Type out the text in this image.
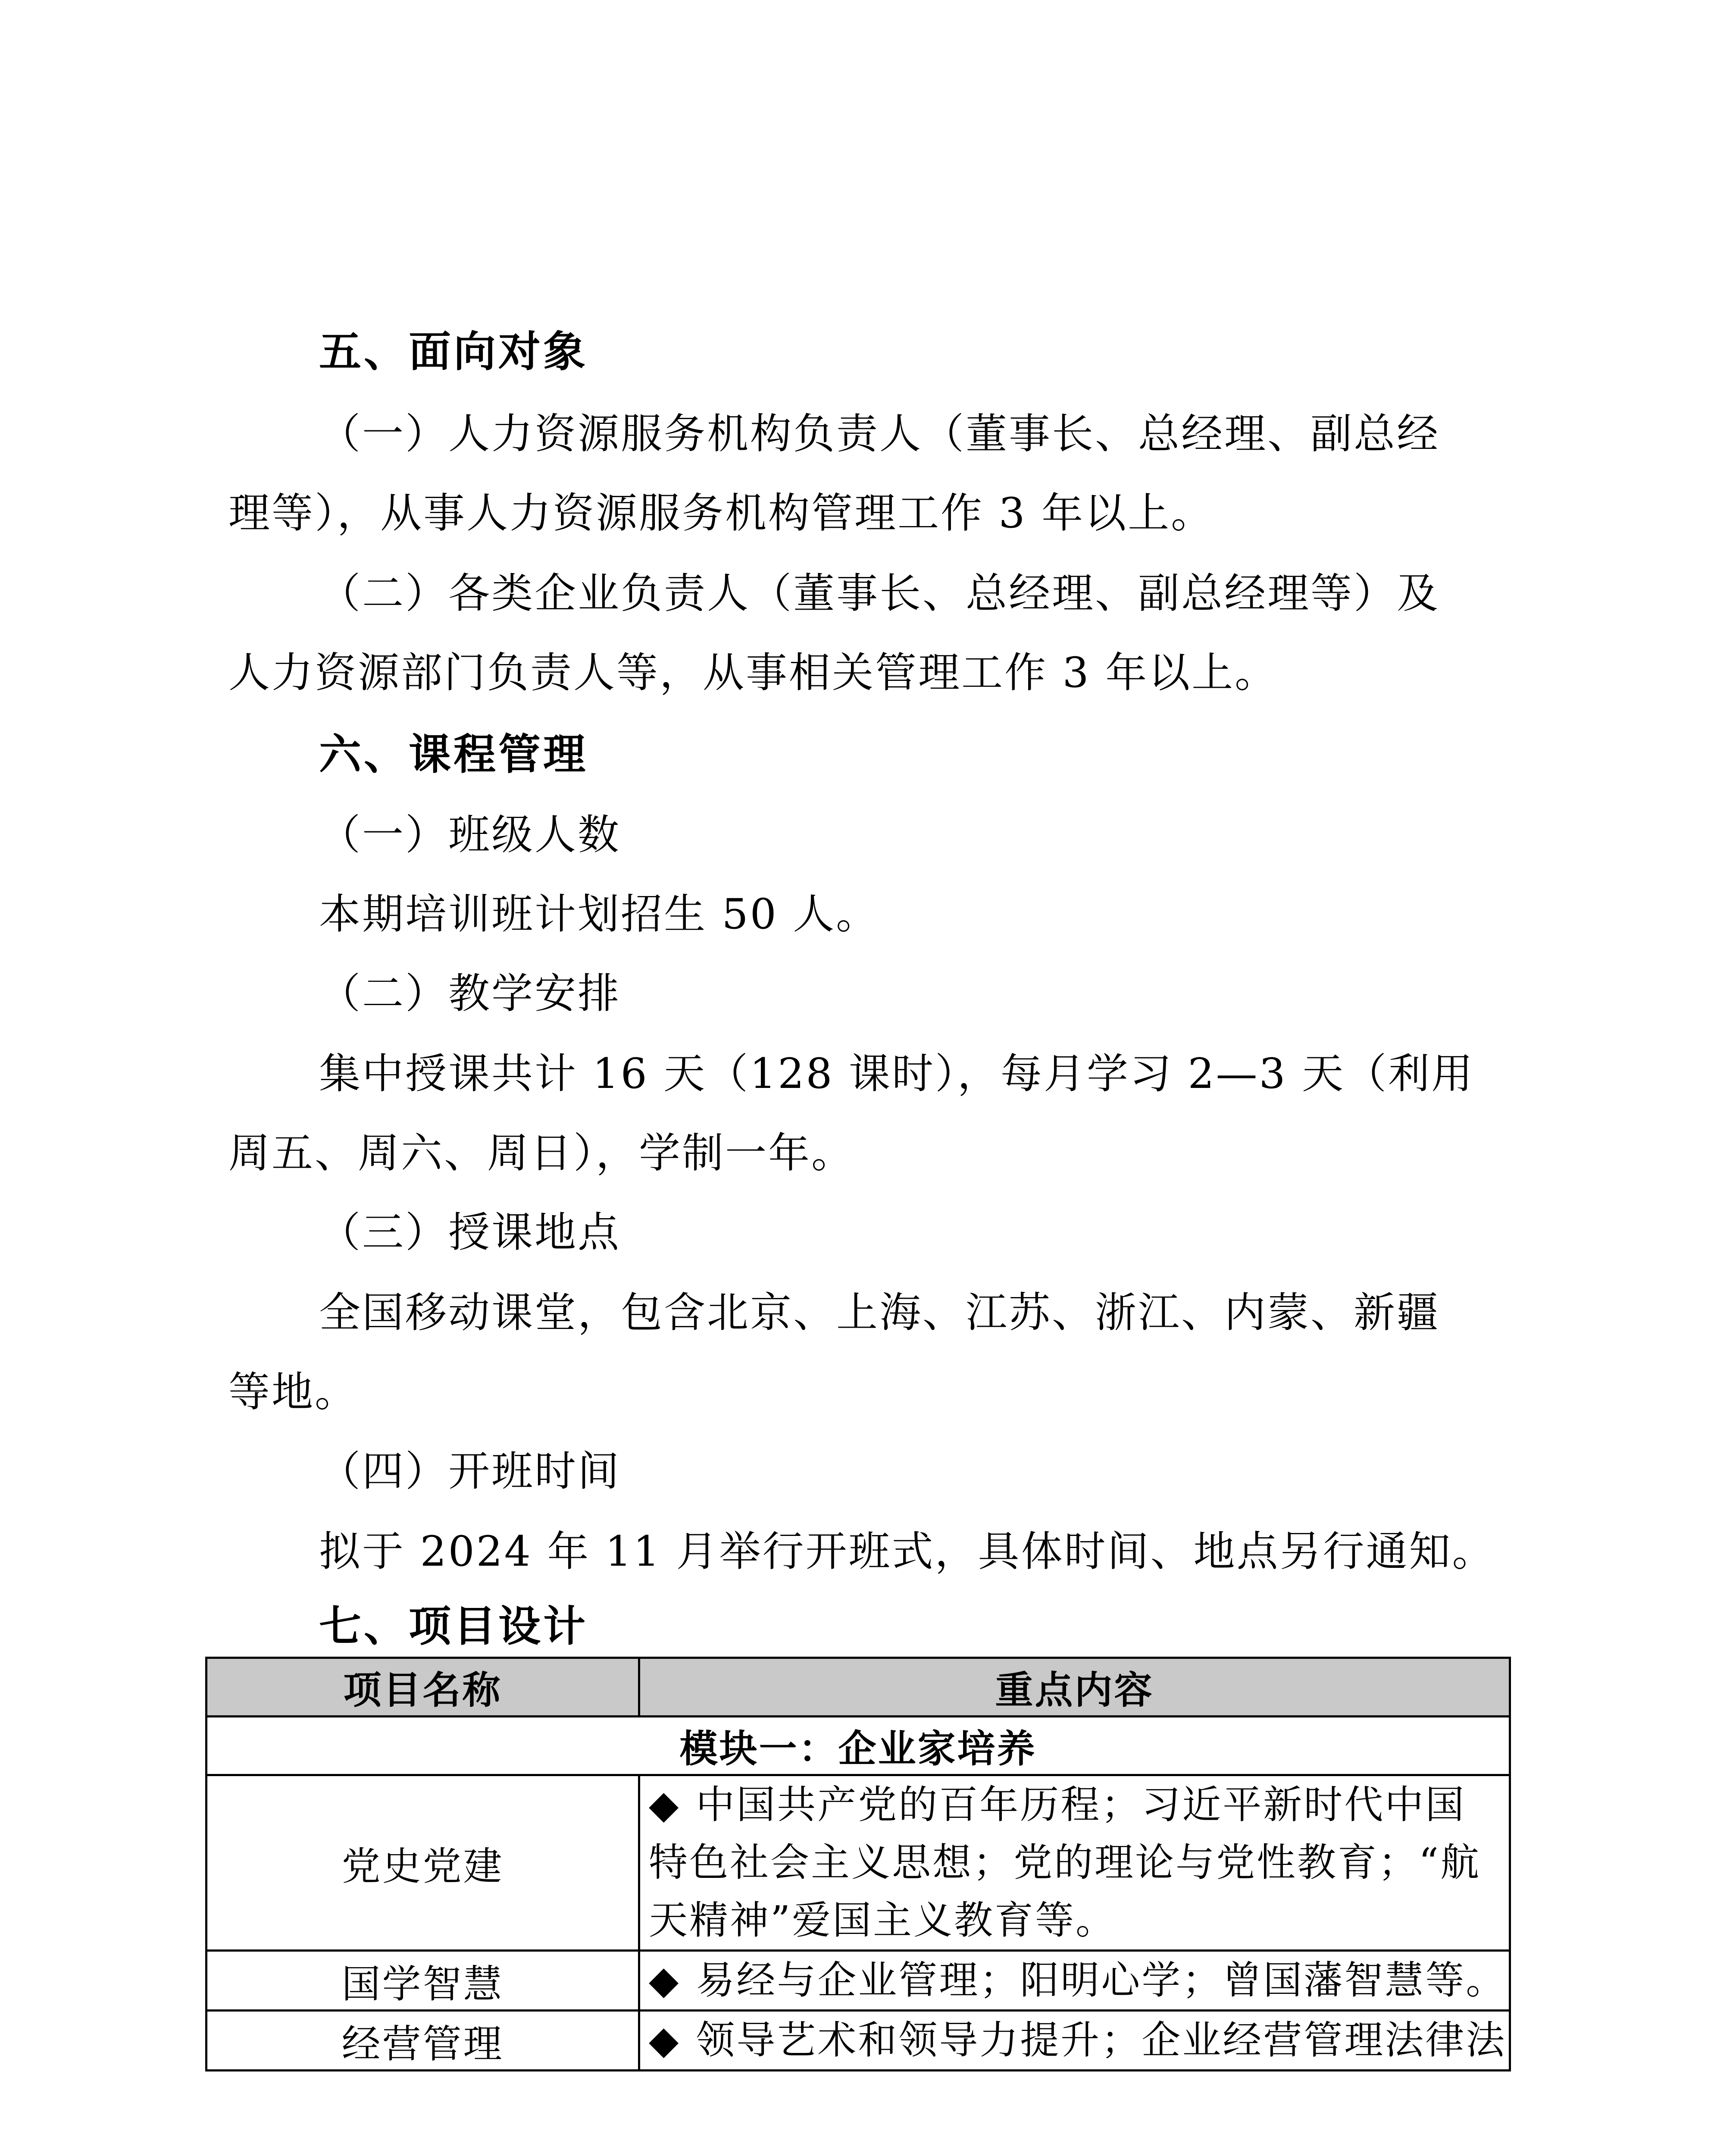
五、面向对象
（一）人力资源服务机构负责人（董事长、总经理、副总经
理等），从事人力资源服务机构管理工作 3 年以上。
（二）各类企业负责人（董事长、总经理、副总经理等）及
人力资源部门负责人等，从事相关管理工作 3 年以上。
六、课程管理
（一）班级人数
本期培训班计划招生 50 人。
（二）教学安排
集中授课共计 16 天（128 课时），每月学习 2—3 天（利用
周五、周六、周日），学制一年。
（三）授课地点
全国移动课堂，包含北京、上海、江苏、浙江、内蒙、新疆
等地。
（四）开班时间
拟于 2024 年 11 月举行开班式，具体时间、地点另行通知。
七、项目设计
项目名称	重点内容
模块一：企业家培养	
党史党建	◆ 中国共产党的百年历程；习近平新时代中国特色社会主义思想；党的理论与党性教育；“航天精神”爱国主义教育等。
国学智慧	◆ 易经与企业管理；阳明心学；曾国藩智慧等。
经营管理	◆ 领导艺术和领导力提升；企业经营管理法律法
